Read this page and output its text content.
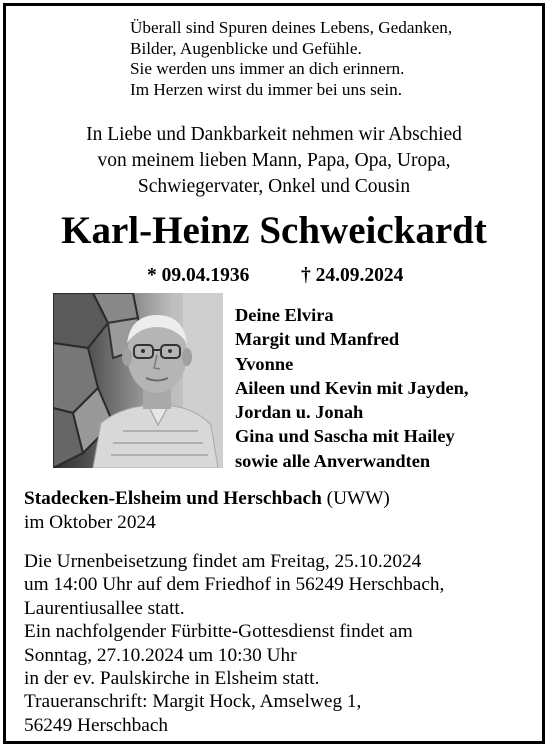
Überall sind Spuren deines Lebens, Gedanken,
Bilder, Augenblicke und Gefühle.
Sie werden uns immer an dich erinnern.
Im Herzen wirst du immer bei uns sein.
In Liebe und Dankbarkeit nehmen wir Abschied
von meinem lieben Mann, Papa, Opa, Uropa,
Schwiegervater, Onkel und Cousin
Karl-Heinz Schweickardt
* 09.04.1936	† 24.09.2024
Deine Elvira
Margit und Manfred
Yvonne
Aileen und Kevin mit Jayden,
Jordan u. Jonah
Gina und Sascha mit Hailey
sowie alle Anverwandten
Stadecken-Elsheim und Herschbach (UWW)
im Oktober 2024
Die Urnenbeisetzung findet am Freitag, 25.10.2024
um 14:00 Uhr auf dem Friedhof in 56249 Herschbach,
Laurentiusallee statt.
Ein nachfolgender Fürbitte-Gottesdienst findet am
Sonntag, 27.10.2024 um 10:30 Uhr
in der ev. Paulskirche in Elsheim statt.
Traueranschrift: Margit Hock, Amselweg 1,
56249 Herschbach
